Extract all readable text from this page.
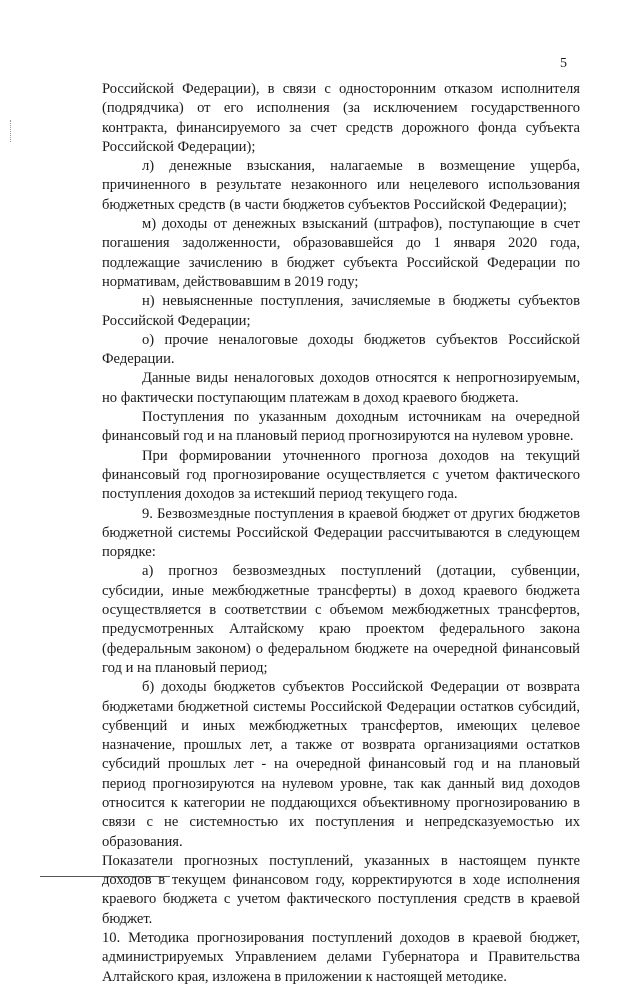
5

Российской Федерации), в связи с односторонним отказом исполнителя (подрядчика) от его исполнения (за исключением государственного контракта, финансируемого за счет средств дорожного фонда субъекта Российской Федерации);

л) денежные взыскания, налагаемые в возмещение ущерба, причиненного в результате незаконного или нецелевого использования бюджетных средств (в части бюджетов субъектов Российской Федерации);

м) доходы от денежных взысканий (штрафов), поступающие в счет погашения задолженности, образовавшейся до 1 января 2020 года, подлежащие зачислению в бюджет субъекта Российской Федерации по нормативам, действовавшим в 2019 году;

н) невыясненные поступления, зачисляемые в бюджеты субъектов Российской Федерации;

о) прочие неналоговые доходы бюджетов субъектов Российской Федерации.

Данные виды неналоговых доходов относятся к непрогнозируемым, но фактически поступающим платежам в доход краевого бюджета.

Поступления по указанным доходным источникам на очередной финансовый год и на плановый период прогнозируются на нулевом уровне.

При формировании уточненного прогноза доходов на текущий финансовый год прогнозирование осуществляется с учетом фактического поступления доходов за истекший период текущего года.

9. Безвозмездные поступления в краевой бюджет от других бюджетов бюджетной системы Российской Федерации рассчитываются в следующем порядке:

а) прогноз безвозмездных поступлений (дотации, субвенции, субсидии, иные межбюджетные трансферты) в доход краевого бюджета осуществляется в соответствии с объемом межбюджетных трансфертов, предусмотренных Алтайскому краю проектом федерального закона (федеральным законом) о федеральном бюджете на очередной финансовый год и на плановый период;

б) доходы бюджетов субъектов Российской Федерации от возврата бюджетами бюджетной системы Российской Федерации остатков субсидий, субвенций и иных межбюджетных трансфертов, имеющих целевое назначение, прошлых лет, а также от возврата организациями остатков субсидий прошлых лет - на очередной финансовый год и на плановый период прогнозируются на нулевом уровне, так как данный вид доходов относится к категории не поддающихся объективному прогнозированию в связи с нe системностью их поступления и непредсказуемостью их образования.

Показатели прогнозных поступлений, указанных в настоящем пункте доходов в текущем финансовом году, корректируются в ходе исполнения краевого бюджета с учетом фактического поступления средств в краевой бюджет.

10. Методика прогнозирования поступлений доходов в краевой бюджет, администрируемых Управлением делами Губернатора и Правительства Алтайского края, изложена в приложении к настоящей методике.
